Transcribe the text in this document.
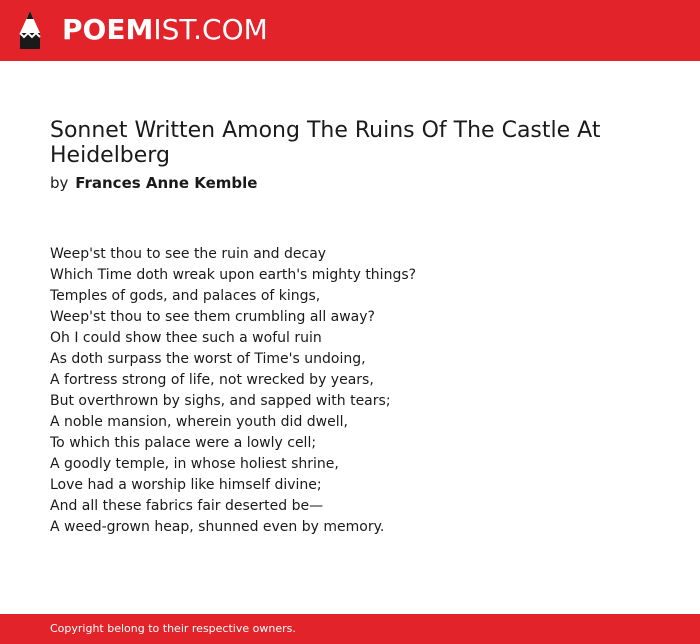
POEMIST.COM
Sonnet Written Among The Ruins Of The Castle At Heidelberg
by Frances Anne Kemble
Weep'st thou to see the ruin and decay
Which Time doth wreak upon earth's mighty things?
Temples of gods, and palaces of kings,
Weep'st thou to see them crumbling all away?
Oh I could show thee such a woful ruin
As doth surpass the worst of Time's undoing,
A fortress strong of life, not wrecked by years,
But overthrown by sighs, and sapped with tears;
A noble mansion, wherein youth did dwell,
To which this palace were a lowly cell;
A goodly temple, in whose holiest shrine,
Love had a worship like himself divine;
And all these fabrics fair deserted be—
A weed-grown heap, shunned even by memory.
Copyright belong to their respective owners.
